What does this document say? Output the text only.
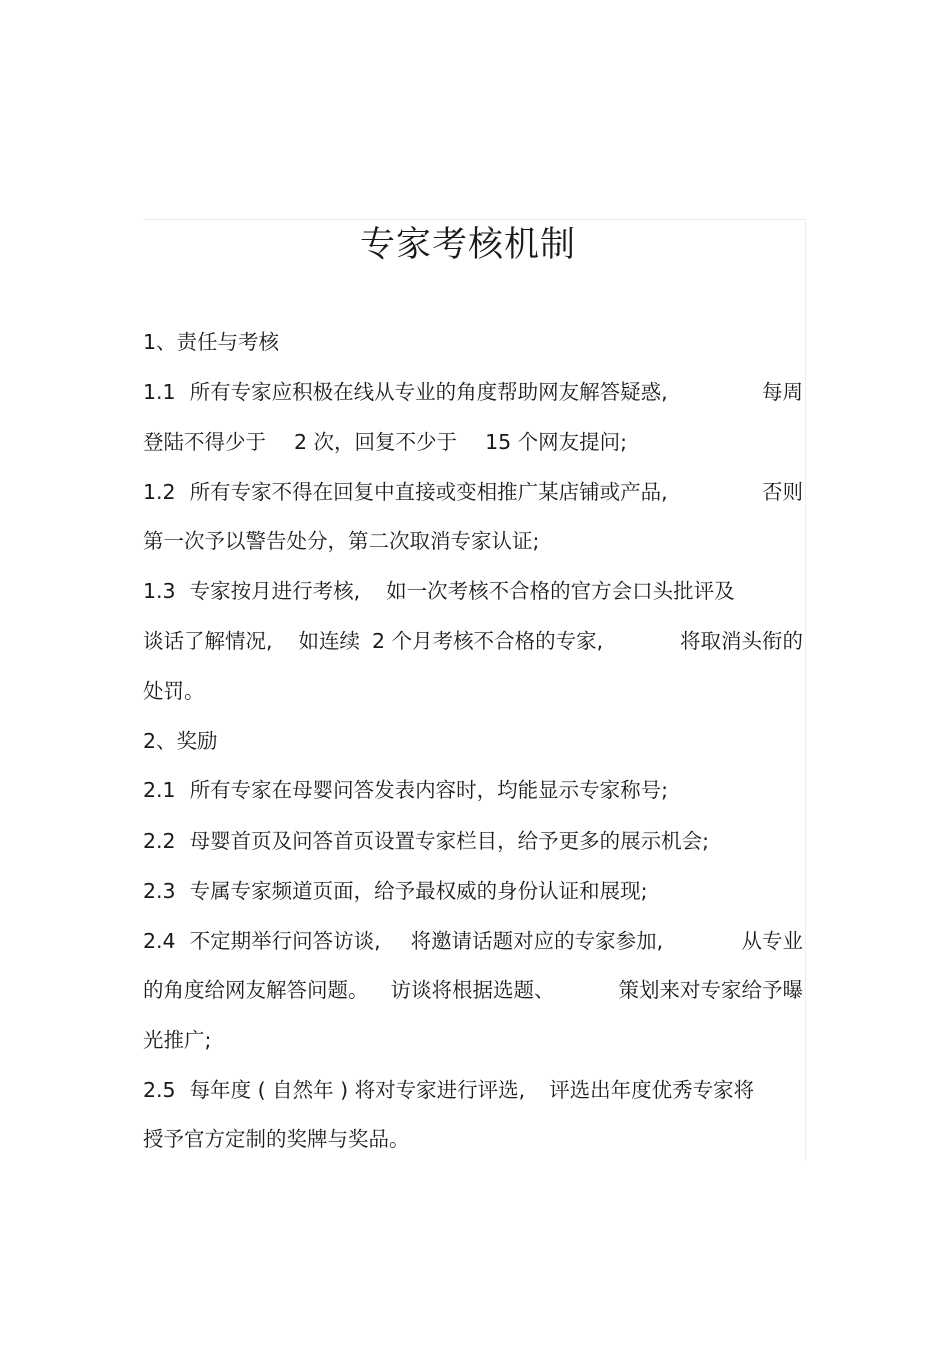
专家考核机制
1、责任与考核
1.1 所有专家应积极在线从专业的角度帮助网友解答疑惑,	每周
登陆不得少于 2 次，回复不少于 15 个网友提问;
1.2 所有专家不得在回复中直接或变相推广某店铺或产品,	否则
第一次予以警告处分，第二次取消专家认证;
1.3 专家按月进行考核, 如一次考核不合格的官方会口头批评及
谈话了解情况, 如连续 2 个月考核不合格的专家,	将取消头衔的
处罚。
2、奖励
2.1 所有专家在母婴问答发表内容时，均能显示专家称号;
2.2 母婴首页及问答首页设置专家栏目，给予更多的展示机会;
2.3 专属专家频道页面，给予最权威的身份认证和展现;
2.4 不定期举行问答访谈, 将邀请话题对应的专家参加,	从专业
的角度给网友解答问题。 访谈将根据选题、	策划来对专家给予曝
光推广;
2.5 每年度 ( 自然年 ) 将对专家进行评选, 评选出年度优秀专家将
授予官方定制的奖牌与奖品。
